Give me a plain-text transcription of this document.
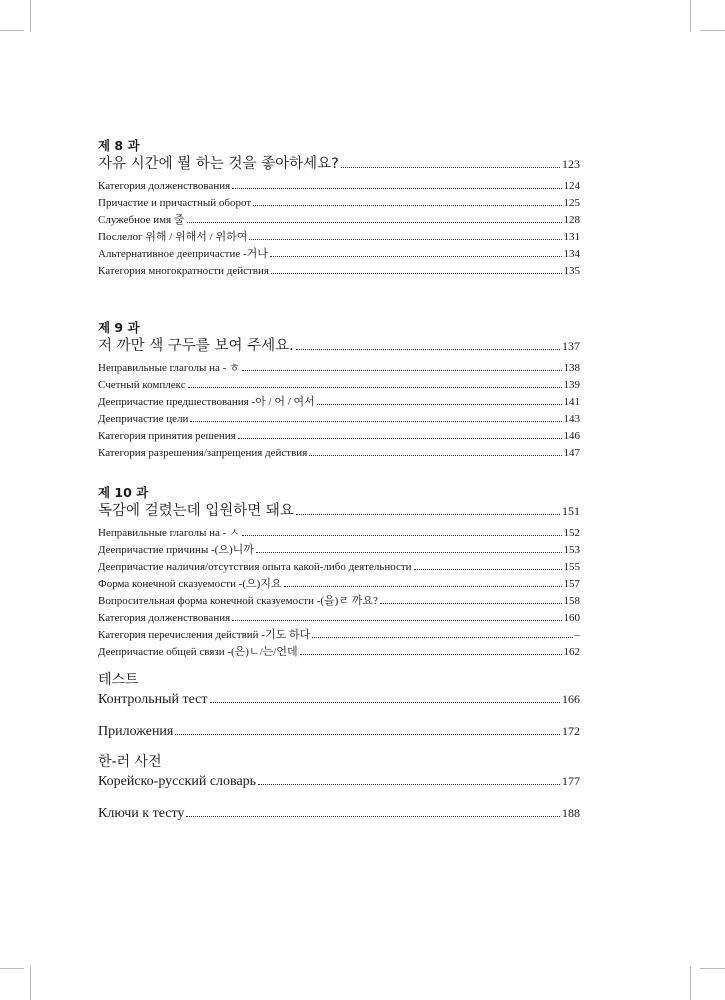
제 8 과
자유 시간에 뭘 하는 것을 좋아하세요?	123
Категория долженствования	124
Причастие и причастный оборот	125
Служебное имя 줄	128
Послелог 위해 / 위해서 / 위하여	131
Альтернативное деепричастие -거나	134
Категория многократности действия	135
제 9 과
저 까만 색 구두를 보여 주세요.	137
Неправильные глаголы на - ㅎ	138
Счетный комплекс	139
Деепричастие предшествования -아 / 어 / 여서	141
Деепричастие цели	143
Категория принятия решения	146
Категория разрешения/запрещения действия	147
제 10 과
독감에 걸렸는데 입원하면 돼요	151
Неправильные глаголы на - ㅅ	152
Деепричастие причины -(으)니까	153
Деепричастие наличия/отсутствия опыта какой-либо деятельности	155
Форма конечной сказуемости -(으)지요	157
Вопросительная форма конечной сказуемости -(을)ㄹ 까요?	158
Категория долженствования	160
Категория перечисления действий -기도 하다	–
Деепричастие общей связи -(은)ㄴ/는/언데	162
테스트
Контрольный тест	166
Приложения	172
한-러 사전
Корейско-русский словарь	177
Ключи к тесту	188
